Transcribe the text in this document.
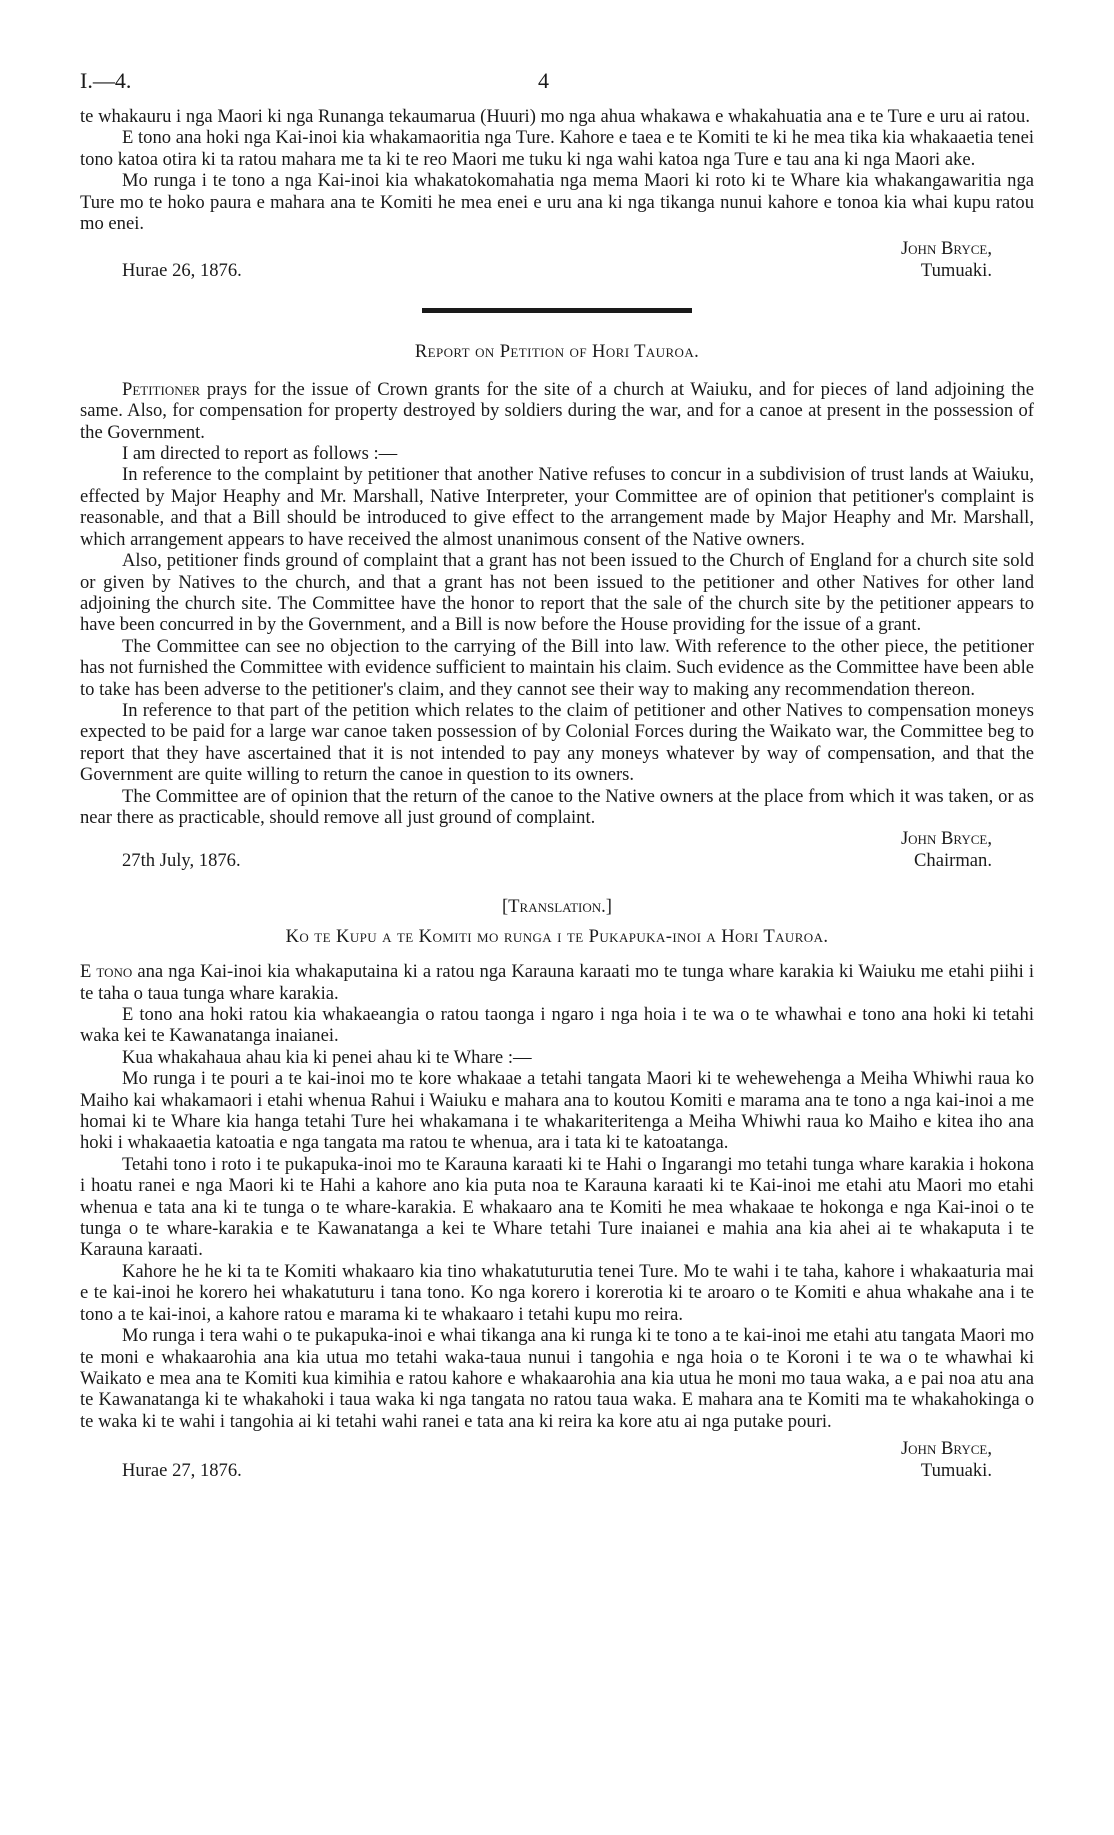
I.—4.	4

te whakauru i nga Maori ki nga Runanga tekaumarua (Huuri) mo nga ahua whakawa e whakahuatia ana e te Ture e uru ai ratou.

E tono ana hoki nga Kai-inoi kia whakamaoritia nga Ture. Kahore e taea e te Komiti te ki he mea tika kia whakaaetia tenei tono katoa otira ki ta ratou mahara me ta ki te reo Maori me tuku ki nga wahi katoa nga Ture e tau ana ki nga Maori ake.

Mo runga i te tono a nga Kai-inoi kia whakatokomahatia nga mema Maori ki roto ki te Whare kia whakangawaritia nga Ture mo te hoko paura e mahara ana te Komiti he mea enei e uru ana ki nga tikanga nunui kahore e tonoa kia whai kupu ratou mo enei.

John Bryce,
Hurae 26, 1876.	Tumuaki.
Report on Petition of Hori Tauroa.

Petitioner prays for the issue of Crown grants for the site of a church at Waiuku, and for pieces of land adjoining the same. Also, for compensation for property destroyed by soldiers during the war, and for a canoe at present in the possession of the Government.

I am directed to report as follows :—

In reference to the complaint by petitioner that another Native refuses to concur in a subdivision of trust lands at Waiuku, effected by Major Heaphy and Mr. Marshall, Native Interpreter, your Committee are of opinion that petitioner's complaint is reasonable, and that a Bill should be introduced to give effect to the arrangement made by Major Heaphy and Mr. Marshall, which arrangement appears to have received the almost unanimous consent of the Native owners.

Also, petitioner finds ground of complaint that a grant has not been issued to the Church of England for a church site sold or given by Natives to the church, and that a grant has not been issued to the petitioner and other Natives for other land adjoining the church site. The Committee have the honor to report that the sale of the church site by the petitioner appears to have been concurred in by the Government, and a Bill is now before the House providing for the issue of a grant.

The Committee can see no objection to the carrying of the Bill into law. With reference to the other piece, the petitioner has not furnished the Committee with evidence sufficient to maintain his claim. Such evidence as the Committee have been able to take has been adverse to the petitioner's claim, and they cannot see their way to making any recommendation thereon.

In reference to that part of the petition which relates to the claim of petitioner and other Natives to compensation moneys expected to be paid for a large war canoe taken possession of by Colonial Forces during the Waikato war, the Committee beg to report that they have ascertained that it is not intended to pay any moneys whatever by way of compensation, and that the Government are quite willing to return the canoe in question to its owners.

The Committee are of opinion that the return of the canoe to the Native owners at the place from which it was taken, or as near there as practicable, should remove all just ground of complaint.

John Bryce,
27th July, 1876.	Chairman.
[Translation.]
Ko te Kupu a te Komiti mo runga i te Pukapuka-inoi a Hori Tauroa.

E tono ana nga Kai-inoi kia whakaputaina ki a ratou nga Karauna karaati mo te tunga whare karakia ki Waiuku me etahi piihi i te taha o taua tunga whare karakia.

E tono ana hoki ratou kia whakaeangia o ratou taonga i ngaro i nga hoia i te wa o te whawhai e tono ana hoki ki tetahi waka kei te Kawanatanga inaianei.

Kua whakahaua ahau kia ki penei ahau ki te Whare :—

Mo runga i te pouri a te kai-inoi mo te kore whakaae a tetahi tangata Maori ki te wehewehenga a Meiha Whiwhi raua ko Maiho kai whakamaori i etahi whenua Rahui i Waiuku e mahara ana to koutou Komiti e marama ana te tono a nga kai-inoi a me homai ki te Whare kia hanga tetahi Ture hei whakamana i te whakariteritenga a Meiha Whiwhi raua ko Maiho e kitea iho ana hoki i whakaaetia katoatia e nga tangata ma ratou te whenua, ara i tata ki te katoatanga.

Tetahi tono i roto i te pukapuka-inoi mo te Karauna karaati ki te Hahi o Ingarangi mo tetahi tunga whare karakia i hokona i hoatu ranei e nga Maori ki te Hahi a kahore ano kia puta noa te Karauna karaati ki te Kai-inoi me etahi atu Maori mo etahi whenua e tata ana ki te tunga o te whare-karakia. E whakaaro ana te Komiti he mea whakaae te hokonga e nga Kai-inoi o te tunga o te whare-karakia e te Kawanatanga a kei te Whare tetahi Ture inaianei e mahia ana kia ahei ai te whakaputa i te Karauna karaati.

Kahore he he ki ta te Komiti whakaaro kia tino whakatuturutia tenei Ture. Mo te wahi i te taha, kahore i whakaaturia mai e te kai-inoi he korero hei whakatuturu i tana tono. Ko nga korero i korerotia ki te aroaro o te Komiti e ahua whakahe ana i te tono a te kai-inoi, a kahore ratou e marama ki te whakaaro i tetahi kupu mo reira.

Mo runga i tera wahi o te pukapuka-inoi e whai tikanga ana ki runga ki te tono a te kai-inoi me etahi atu tangata Maori mo te moni e whakaarohia ana kia utua mo tetahi waka-taua nunui i tangohia e nga hoia o te Koroni i te wa o te whawhai ki Waikato e mea ana te Komiti kua kimihia e ratou kahore e whakaarohia ana kia utua he moni mo taua waka, a e pai noa atu ana te Kawanatanga ki te whakahoki i taua waka ki nga tangata no ratou taua waka. E mahara ana te Komiti ma te whakahokinga o te waka ki te wahi i tangohia ai ki tetahi wahi ranei e tata ana ki reira ka kore atu ai nga putake pouri.

John Bryce,
Hurae 27, 1876.	Tumuaki.
